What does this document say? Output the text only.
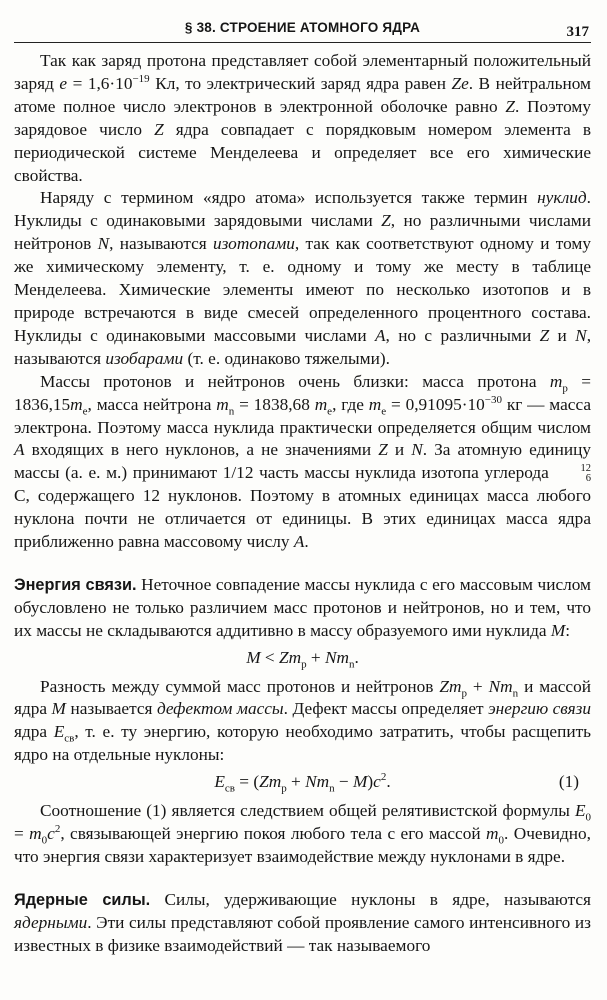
§ 38. СТРОЕНИЕ АТОМНОГО ЯДРА	317

Так как заряд протона представляет собой элементарный положительный заряд $e = 1,6\cdot 10^{-19}$ Кл, то электрический заряд ядра равен Ze. В нейтральном атоме полное число электронов в электронной оболочке равно Z. Поэтому зарядовое число Z ядра совпадает с порядковым номером элемента в периодической системе Менделеева и определяет все его химические свойства.

Наряду с термином «ядро атома» используется также термин нуклид. Нуклиды с одинаковыми зарядовыми числами Z, но различными числами нейтронов N, называются изотопами, так как соответствуют одному и тому же химическому элементу, т. е. одному и тому же месту в таблице Менделеева. Химические элементы имеют по несколько изотопов и в природе встречаются в виде смесей определенного процентного состава. Нуклиды с одинаковыми массовыми числами A, но с различными Z и N, называются изобарами (т. е. одинаково тяжелыми).

Массы протонов и нейтронов очень близки: масса протона $m_p = 1836,15m_e$, масса нейтрона $m_n = 1838,68$ $m_e$, где $m_e = 0,91095\cdot 10^{-30}$ кг — масса электрона. Поэтому масса нуклида практически определяется общим числом A входящих в него нуклонов, а не значениями Z и N. За атомную единицу массы (а. е. м.) принимают 1/12 часть массы нуклида изотопа углерода	12
6
C, содержащего 12 нуклонов. Поэтому в атомных единицах масса любого нуклона почти не отличается от единицы. В этих единицах масса ядра приближенно равна массовому числу A.

Энергия связи. Неточное совпадение массы нуклида с его массовым числом обусловлено не только различием масс протонов и нейтронов, но и тем, что их массы не складываются аддитивно в массу образуемого ими нуклида M:

$M < Zm_p + Nm_n$.

Разность между суммой масс протонов и нейтронов $Zm_p + Nm_n$ и массой ядра M называется дефектом массы. Дефект массы определяет энергию связи ядра $E_{св}$, т. е. ту энергию, которую необходимо затратить, чтобы расщепить ядро на отдельные нуклоны:

$E_{св} = (Zm_p + Nm_n - M)c^2$.	(1)

Соотношение (1) является следствием общей релятивистской формулы $E_0 = m_0c^2$, связывающей энергию покоя любого тела с его массой $m_0$. Очевидно, что энергия связи характеризует взаимодействие между нуклонами в ядре.

Ядерные силы. Силы, удерживающие нуклоны в ядре, называются ядерными. Эти силы представляют собой проявление самого интенсивного из известных в физике взаимодействий — так называемого
